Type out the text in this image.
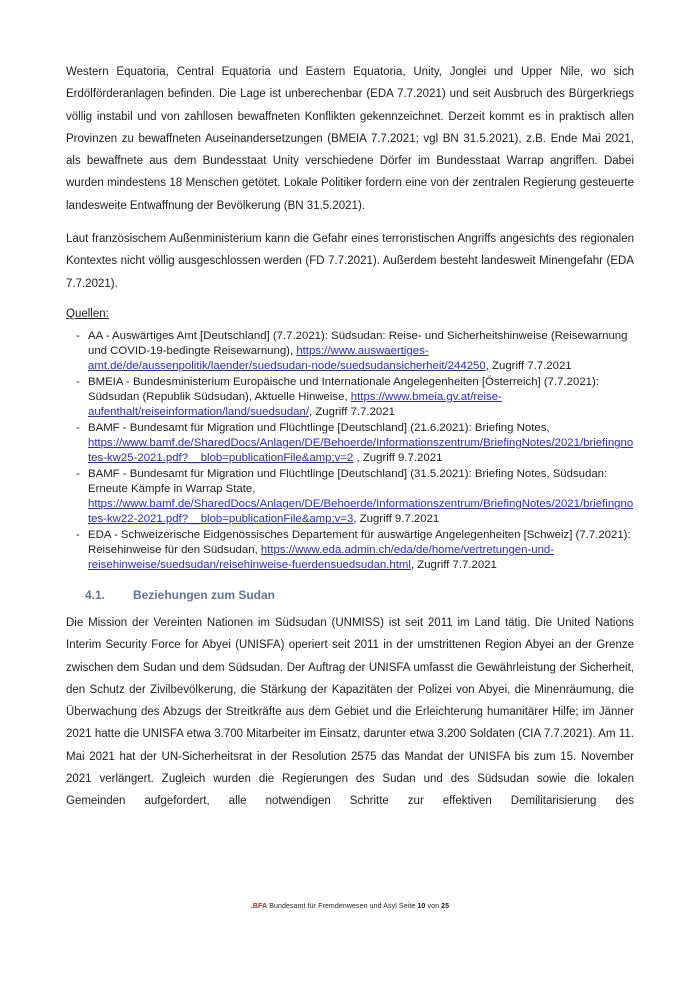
Western Equatoria, Central Equatoria und Eastern Equatoria, Unity, Jonglei und Upper Nile, wo sich Erdölförderanlagen befinden. Die Lage ist unberechenbar (EDA 7.7.2021) und seit Ausbruch des Bürgerkriegs völlig instabil und von zahllosen bewaffneten Konflikten gekennzeichnet. Derzeit kommt es in praktisch allen Provinzen zu bewaffneten Auseinandersetzungen (BMEIA 7.7.2021; vgl BN 31.5.2021), z.B. Ende Mai 2021, als bewaffnete aus dem Bundesstaat Unity verschiedene Dörfer im Bundesstaat Warrap angriffen. Dabei wurden mindestens 18 Menschen getötet. Lokale Politiker fordern eine von der zentralen Regierung gesteuerte landesweite Entwaffnung der Bevölkerung (BN 31.5.2021).

Laut französischem Außenministerium kann die Gefahr eines terroristischen Angriffs angesichts des regionalen Kontextes nicht völlig ausgeschlossen werden (FD 7.7.2021). Außerdem besteht landesweit Minengefahr (EDA 7.7.2021).

Quellen:
- AA - Auswärtiges Amt [Deutschland] (7.7.2021): Südsudan: Reise- und Sicherheitshinweise (Reisewarnung und COVID-19-bedingte Reisewarnung), https://www.auswaertiges-amt.de/de/aussenpolitik/laender/suedsudan-node/suedsudansicherheit/244250, Zugriff 7.7.2021
- BMEIA - Bundesministerium Europäische und Internationale Angelegenheiten [Österreich] (7.7.2021): Südsudan (Republik Südsudan), Aktuelle Hinweise, https://www.bmeia.gv.at/reise-aufenthalt/reiseinformation/land/suedsudan/, Zugriff 7.7.2021
- BAMF - Bundesamt für Migration und Flüchtlinge [Deutschland] (21.6.2021): Briefing Notes, https://www.bamf.de/SharedDocs/Anlagen/DE/Behoerde/Informationszentrum/BriefingNotes/2021/briefingnotes-kw25-2021.pdf?__blob=publicationFile&amp;v=2 , Zugriff 9.7.2021
- BAMF - Bundesamt für Migration und Flüchtlinge [Deutschland] (31.5.2021): Briefing Notes, Südsudan: Erneute Kämpfe in Warrap State, https://www.bamf.de/SharedDocs/Anlagen/DE/Behoerde/Informationszentrum/BriefingNotes/2021/briefingnotes-kw22-2021.pdf?__blob=publicationFile&amp;v=3, Zugriff 9.7.2021
- EDA - Schweizerische Eidgenössisches Departement für auswärtige Angelegenheiten [Schweiz] (7.7.2021): Reisehinweise für den Südsudan, https://www.eda.admin.ch/eda/de/home/vertretungen-und-reisehinweise/suedsudan/reisehinweise-fuerdensuedsudan.html, Zugriff 7.7.2021
4.1.	Beziehungen zum Sudan

Die Mission der Vereinten Nationen im Südsudan (UNMISS) ist seit 2011 im Land tätig. Die United Nations Interim Security Force for Abyei (UNISFA) operiert seit 2011 in der umstrittenen Region Abyei an der Grenze zwischen dem Sudan und dem Südsudan. Der Auftrag der UNISFA umfasst die Gewährleistung der Sicherheit, den Schutz der Zivilbevölkerung, die Stärkung der Kapazitäten der Polizei von Abyei, die Minenräumung, die Überwachung des Abzugs der Streitkräfte aus dem Gebiet und die Erleichterung humanitärer Hilfe; im Jänner 2021 hatte die UNISFA etwa 3.700 Mitarbeiter im Einsatz, darunter etwa 3.200 Soldaten (CIA 7.7.2021). Am 11. Mai 2021 hat der UN-Sicherheitsrat in der Resolution 2575 das Mandat der UNISFA bis zum 15. November 2021 verlängert. Zugleich wurden die Regierungen des Sudan und des Südsudan sowie die lokalen Gemeinden aufgefordert, alle notwendigen Schritte zur effektiven Demilitarisierung des

.BFA Bundesamt für Fremdenwesen und Asyl Seite 10 von 25
